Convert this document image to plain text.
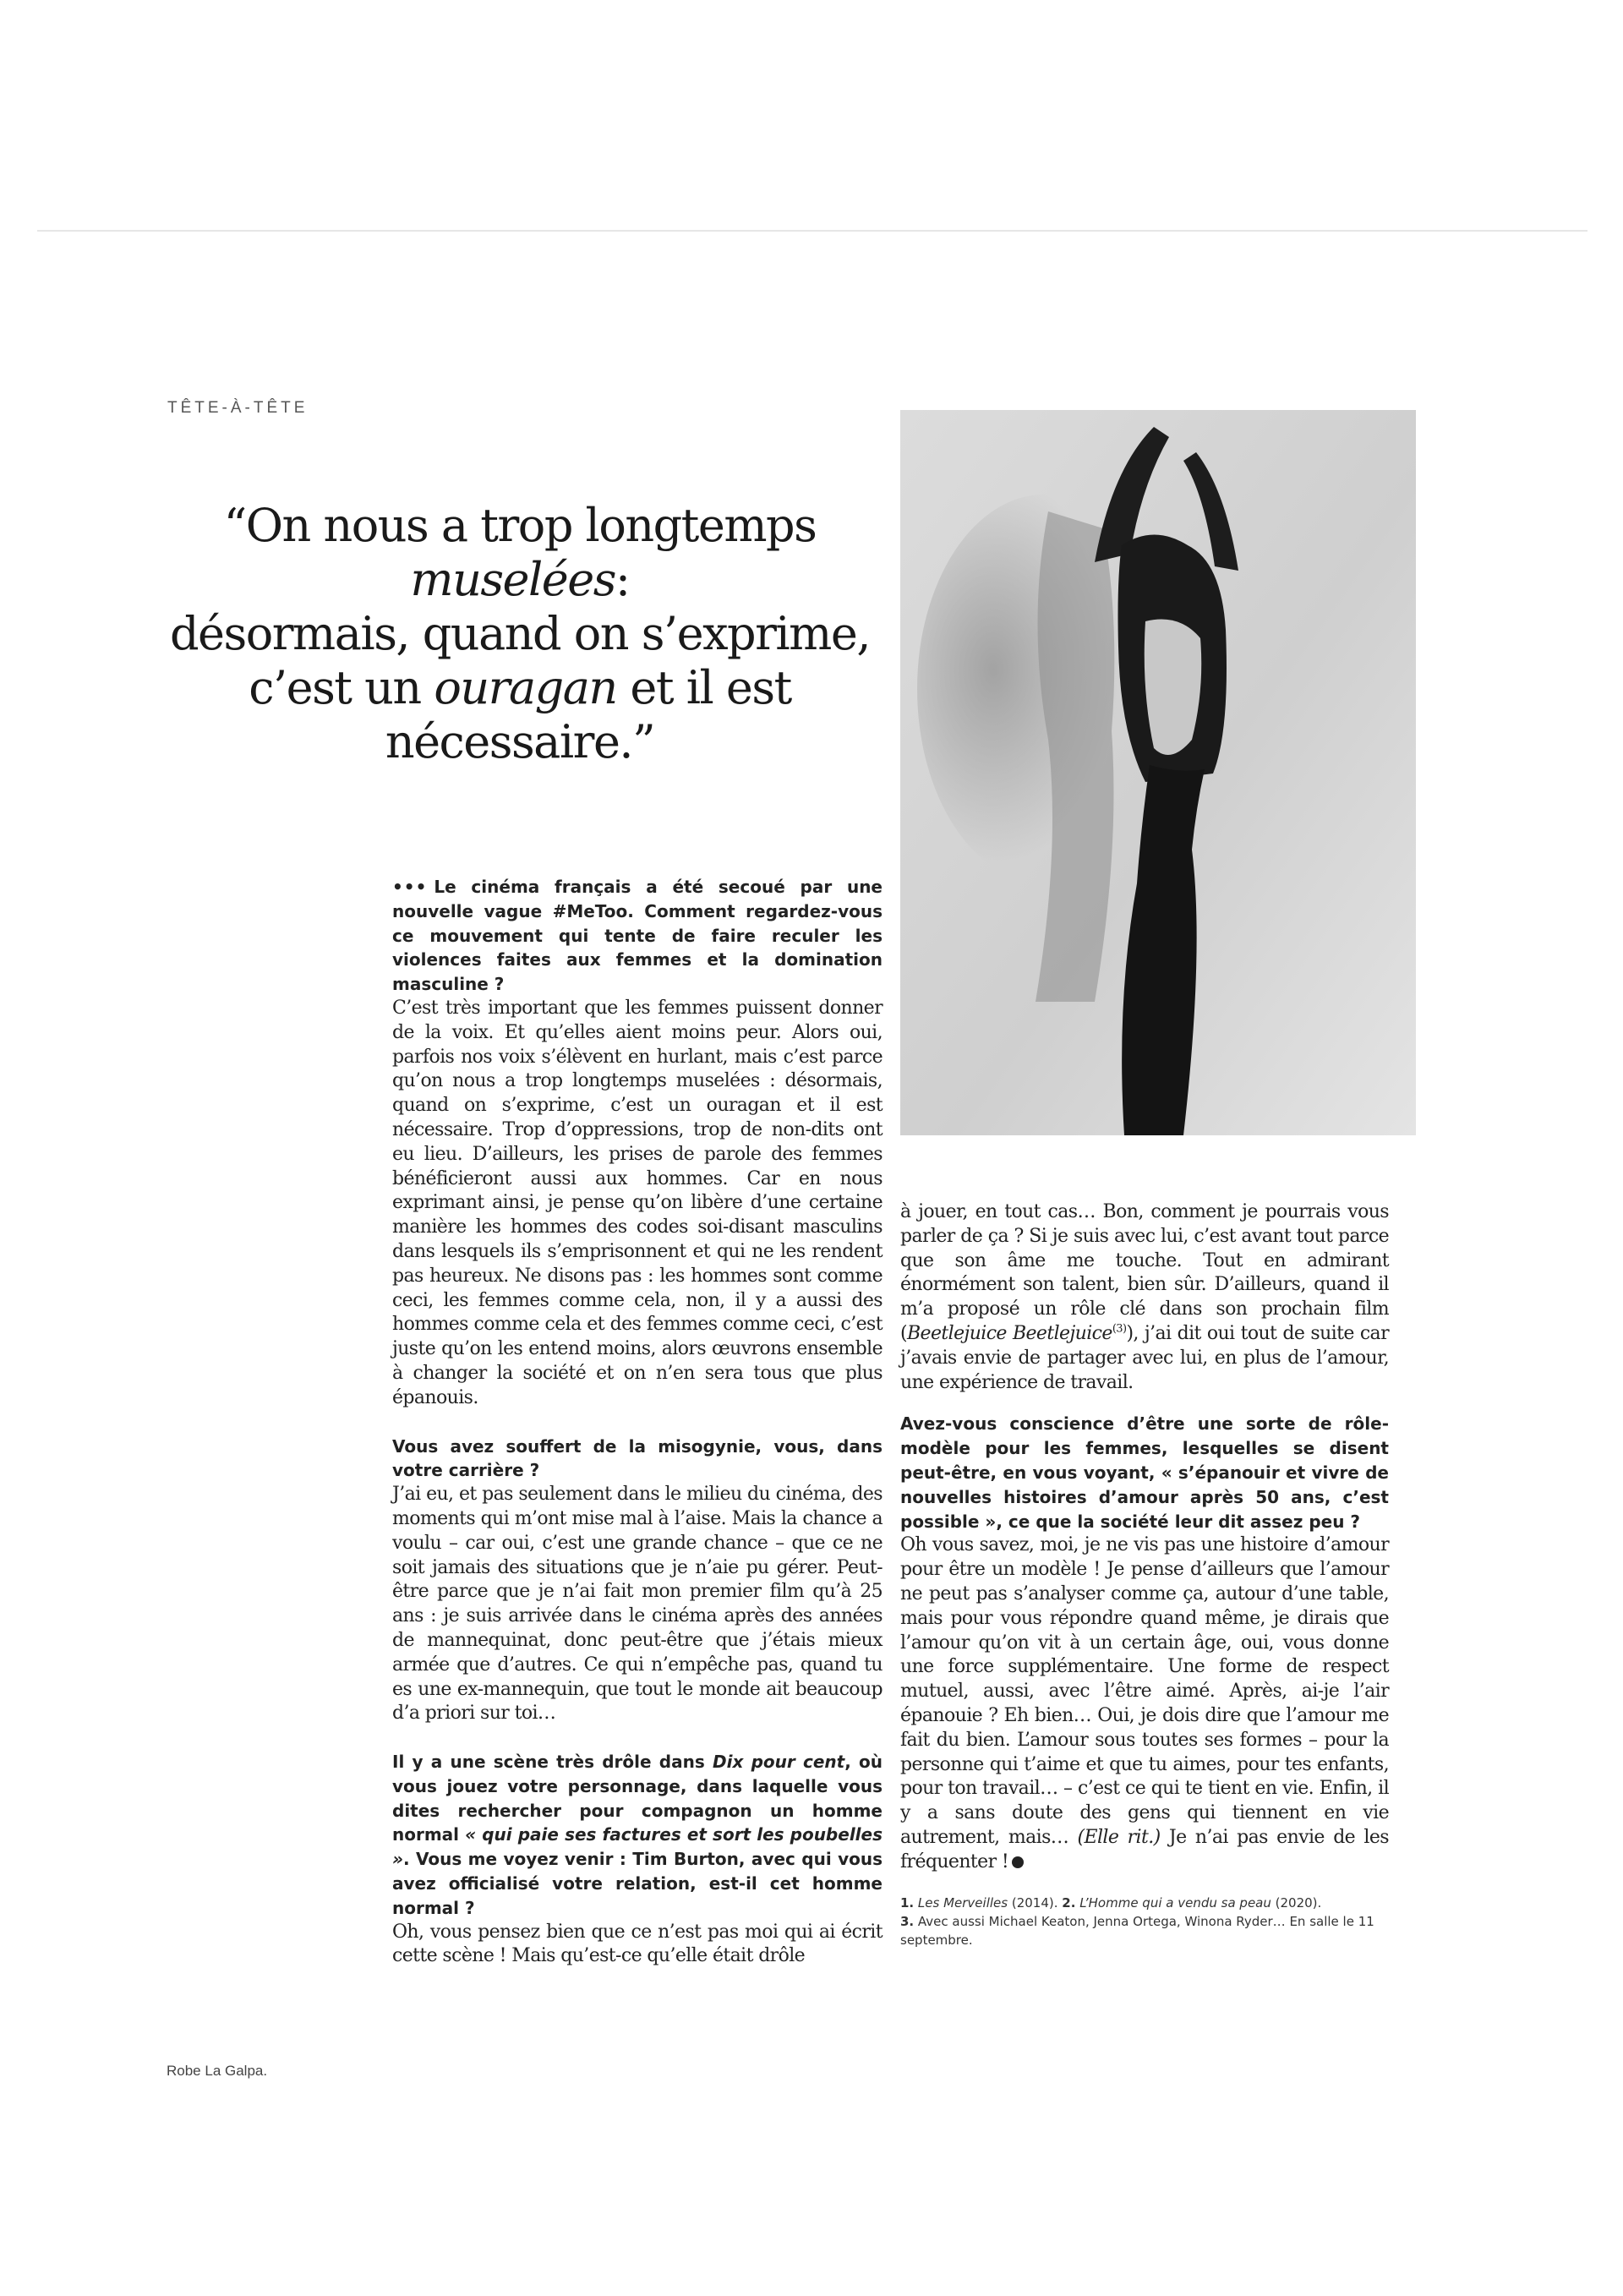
TÊTE-À-TÊTE
“On nous a trop longtemps muselées:
désormais, quand on s’exprime,
c’est un ouragan et il est nécessaire.”
••• Le cinéma français a été secoué par une nouvelle vague #MeToo. Comment regardez-vous ce mouvement qui tente de faire reculer les violences faites aux femmes et la domination masculine ?

C’est très important que les femmes puissent donner de la voix. Et qu’elles aient moins peur. Alors oui, parfois nos voix s’élèvent en hurlant, mais c’est parce qu’on nous a trop longtemps muselées : désormais, quand on s’exprime, c’est un ouragan et il est nécessaire. Trop d’oppressions, trop de non-dits ont eu lieu. D’ailleurs, les prises de parole des femmes bénéficieront aussi aux hommes. Car en nous exprimant ainsi, je pense qu’on libère d’une certaine manière les hommes des codes soi-disant masculins dans lesquels ils s’emprisonnent et qui ne les rendent pas heureux. Ne disons pas : les hommes sont comme ceci, les femmes comme cela, non, il y a aussi des hommes comme cela et des femmes comme ceci, c’est juste qu’on les entend moins, alors œuvrons ensemble à changer la société et on n’en sera tous que plus épanouis.

Vous avez souffert de la misogynie, vous, dans votre carrière ?

J’ai eu, et pas seulement dans le milieu du cinéma, des moments qui m’ont mise mal à l’aise. Mais la chance a voulu – car oui, c’est une grande chance – que ce ne soit jamais des situations que je n’aie pu gérer. Peut-être parce que je n’ai fait mon premier film qu’à 25 ans : je suis arrivée dans le cinéma après des années de mannequinat, donc peut-être que j’étais mieux armée que d’autres. Ce qui n’empêche pas, quand tu es une ex-mannequin, que tout le monde ait beaucoup d’a priori sur toi…

Il y a une scène très drôle dans Dix pour cent, où vous jouez votre personnage, dans laquelle vous dites rechercher pour compagnon un homme normal « qui paie ses factures et sort les poubelles ». Vous me voyez venir : Tim Burton, avec qui vous avez officialisé votre relation, est-il cet homme normal ?

Oh, vous pensez bien que ce n’est pas moi qui ai écrit cette scène ! Mais qu’est-ce qu’elle était drôle

à jouer, en tout cas… Bon, comment je pourrais vous parler de ça ? Si je suis avec lui, c’est avant tout parce que son âme me touche. Tout en admirant énormément son talent, bien sûr. D’ailleurs, quand il m’a proposé un rôle clé dans son prochain film (Beetlejuice Beetlejuice$^{(3)}$), j’ai dit oui tout de suite car j’avais envie de partager avec lui, en plus de l’amour, une expérience de travail.

Avez-vous conscience d’être une sorte de rôle-modèle pour les femmes, lesquelles se disent peut-être, en vous voyant, « s’épanouir et vivre de nouvelles histoires d’amour après 50 ans, c’est possible », ce que la société leur dit assez peu ?

Oh vous savez, moi, je ne vis pas une histoire d’amour pour être un modèle ! Je pense d’ailleurs que l’amour ne peut pas s’analyser comme ça, autour d’une table, mais pour vous répondre quand même, je dirais que l’amour qu’on vit à un certain âge, oui, vous donne une force supplémentaire. Une forme de respect mutuel, aussi, avec l’être aimé. Après, ai-je l’air épanouie ? Eh bien… Oui, je dois dire que l’amour me fait du bien. L’amour sous toutes ses formes – pour la personne qui t’aime et que tu aimes, pour tes enfants, pour ton travail… – c’est ce qui te tient en vie. Enfin, il y a sans doute des gens qui tiennent en vie autrement, mais… (Elle rit.) Je n’ai pas envie de les fréquenter !

1. Les Merveilles (2014). 2. L’Homme qui a vendu sa peau (2020).
3. Avec aussi Michael Keaton, Jenna Ortega, Winona Ryder… En salle le 11 septembre.
Robe La Galpa.
